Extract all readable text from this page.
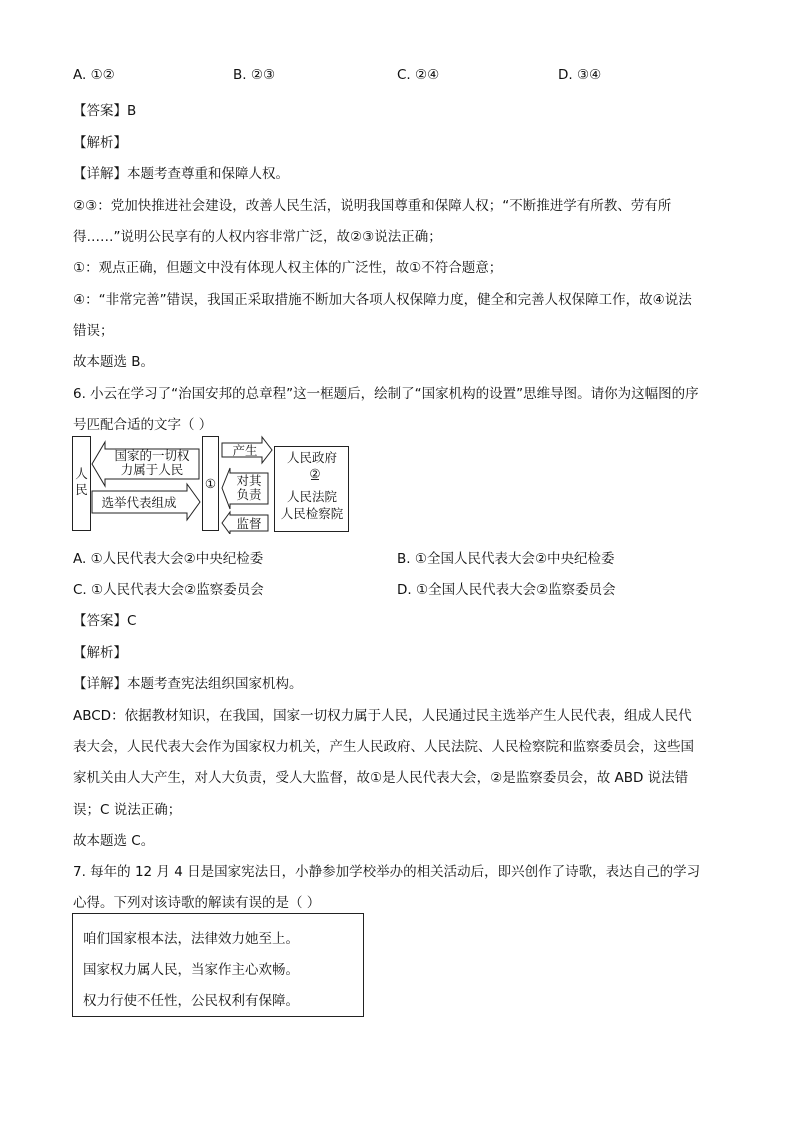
A. ①②	B. ②③	C. ②④	D. ③④
【答案】B
【解析】
【详解】本题考查尊重和保障人权。
②③：党加快推进社会建设，改善人民生活，说明我国尊重和保障人权；“不断推进学有所教、劳有所
得……”说明公民享有的人权内容非常广泛，故②③说法正确；
①：观点正确，但题文中没有体现人权主体的广泛性，故①不符合题意；
④：“非常完善”错误，我国正采取措施不断加大各项人权保障力度，健全和完善人权保障工作，故④说法
错误；
故本题选 B。
6. 小云在学习了“治国安邦的总章程”这一框题后，绘制了“国家机构的设置”思维导图。请你为这幅图的序
号匹配合适的文字（ ）
人民
国家的一切权
力属于人民
选举代表组成
①
产生
对其
负责
监督
人民政府
②
人民法院
人民检察院
A. ①人民代表大会②中央纪检委	B. ①全国人民代表大会②中央纪检委
C. ①人民代表大会②监察委员会	D. ①全国人民代表大会②监察委员会
【答案】C
【解析】
【详解】本题考查宪法组织国家机构。
ABCD：依据教材知识，在我国，国家一切权力属于人民，人民通过民主选举产生人民代表，组成人民代
表大会，人民代表大会作为国家权力机关，产生人民政府、人民法院、人民检察院和监察委员会，这些国
家机关由人大产生，对人大负责，受人大监督，故①是人民代表大会，②是监察委员会，故 ABD 说法错
误；C 说法正确；
故本题选 C。
7. 每年的 12 月 4 日是国家宪法日，小静参加学校举办的相关活动后，即兴创作了诗歌，表达自己的学习
心得。下列对该诗歌的解读有误的是（ ）
咱们国家根本法，法律效力她至上。
国家权力属人民，当家作主心欢畅。
权力行使不任性，公民权利有保障。
